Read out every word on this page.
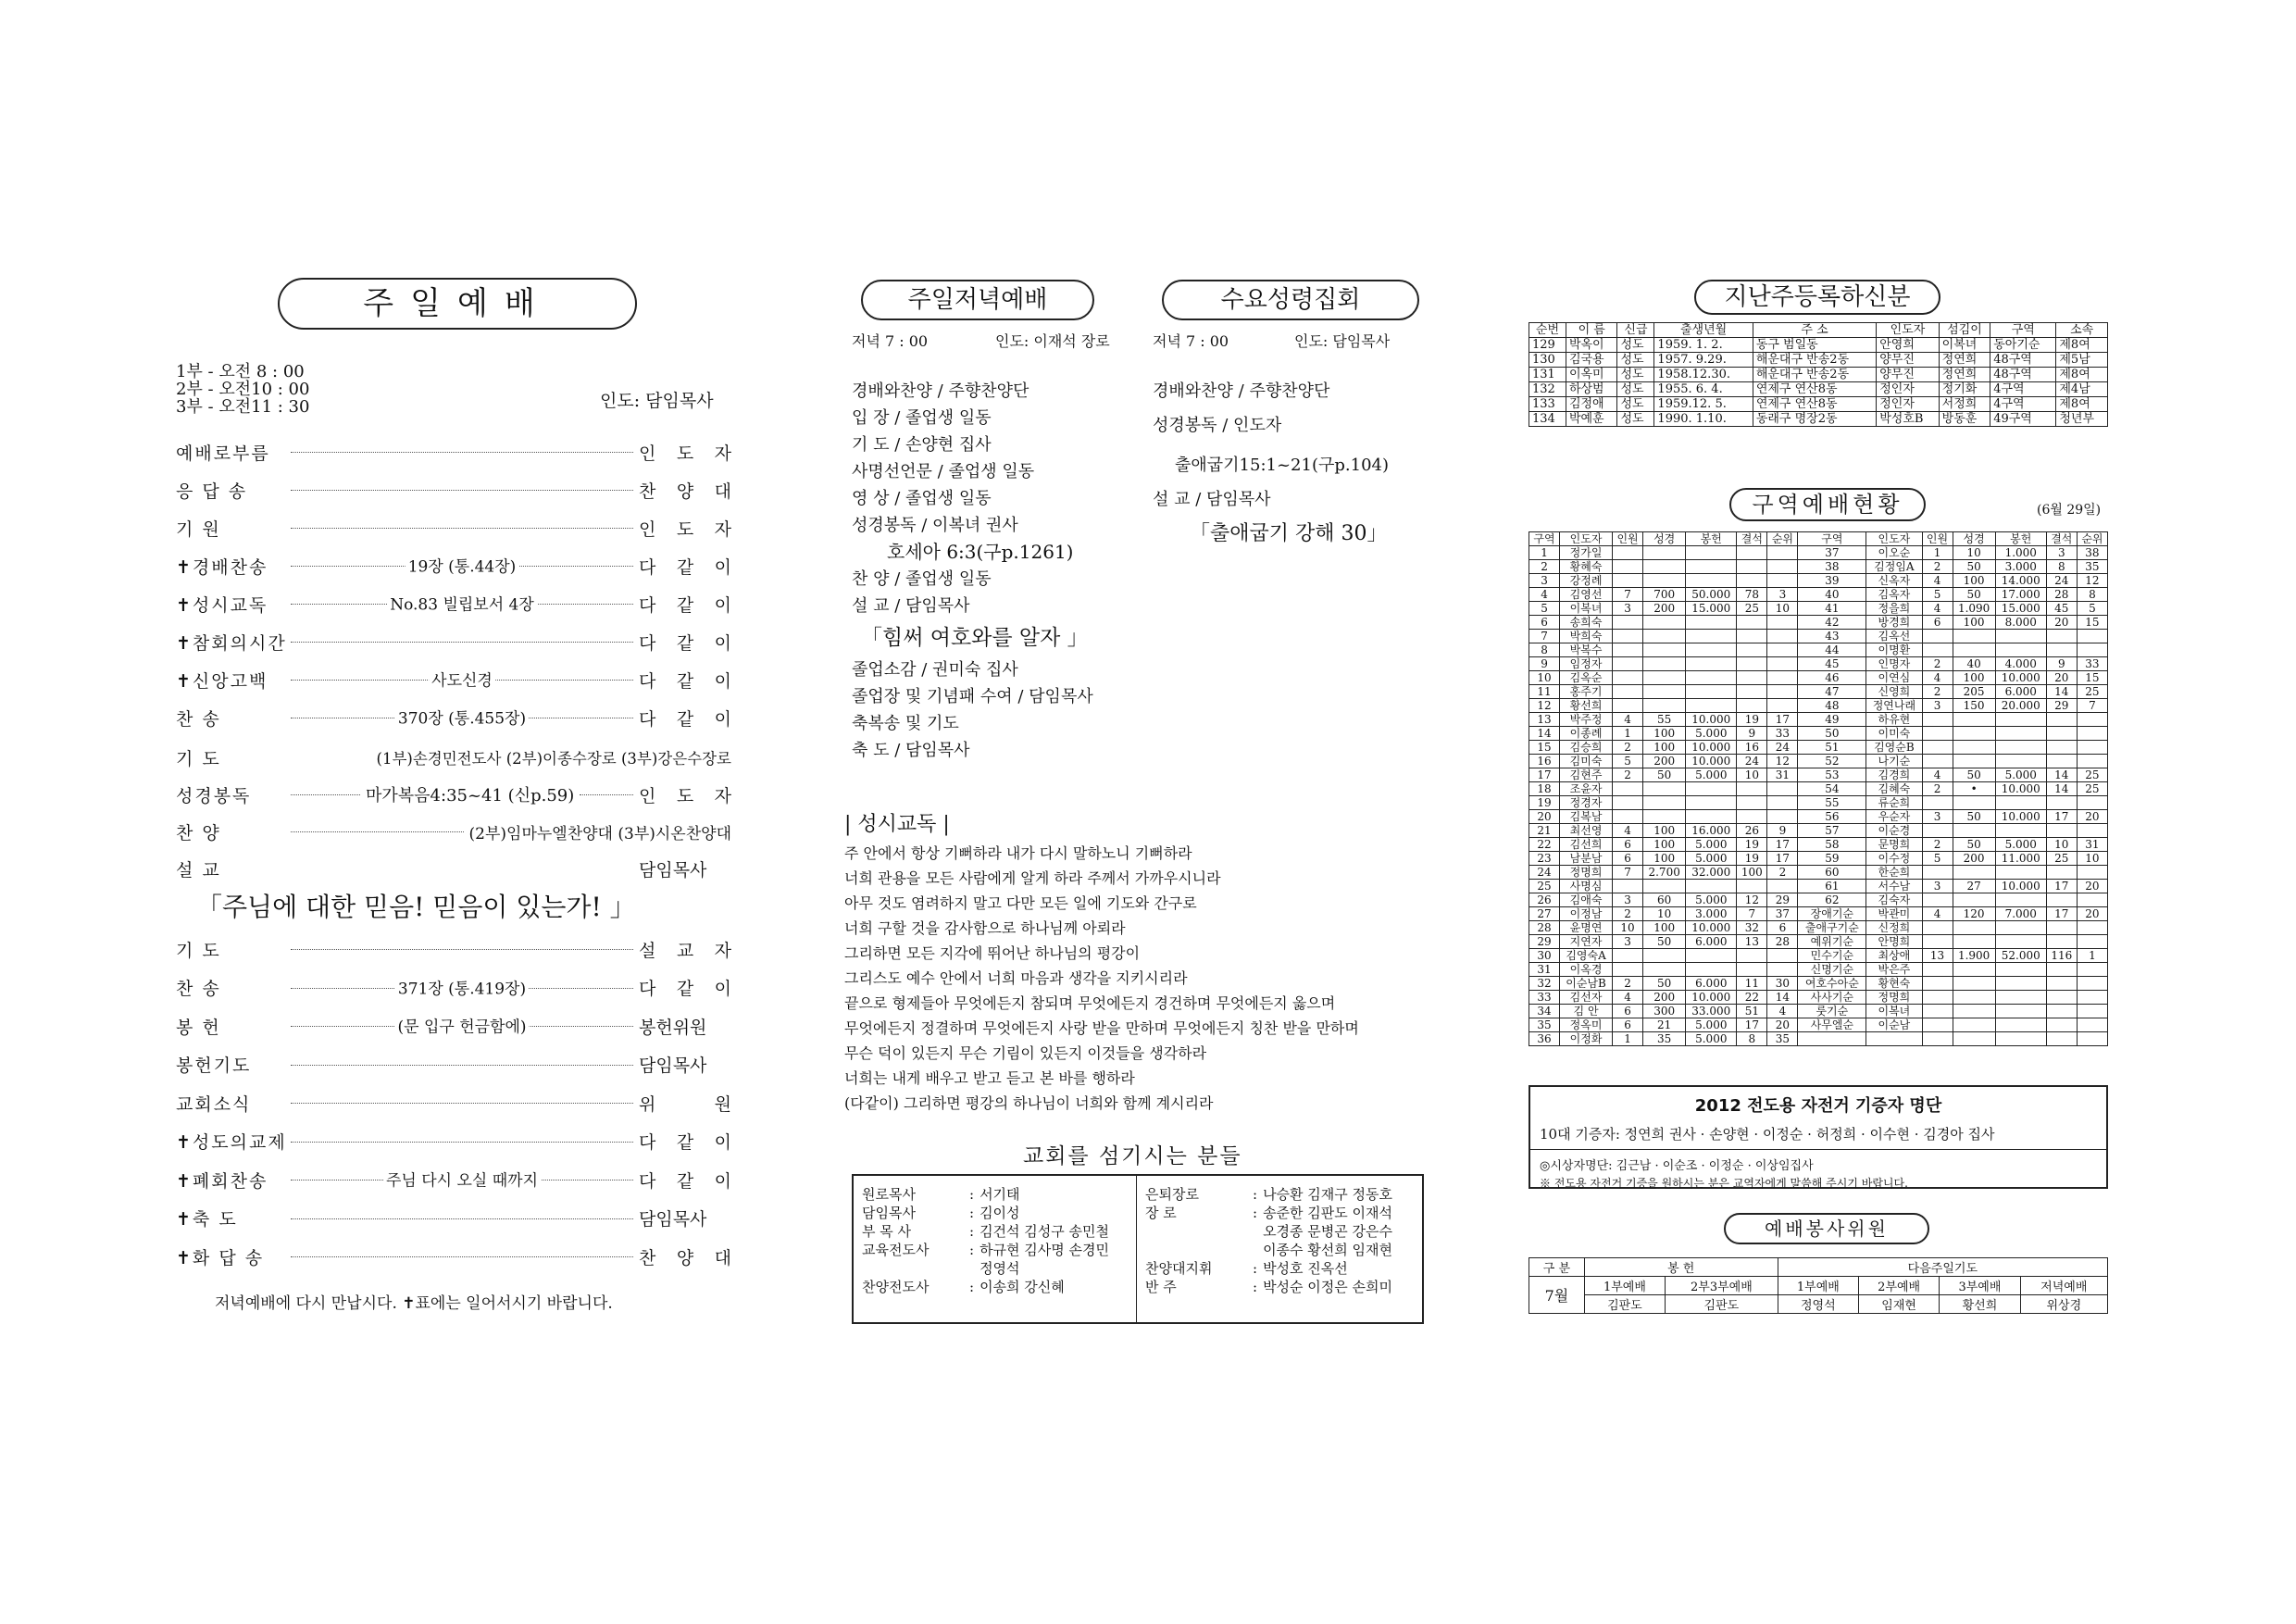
주일예배
1부 - 오전 8 : 00
2부 - 오전10 : 00
3부 - 오전11 : 30	인도: 담임목사
예배로부름	인 도 자
응 답 송	찬 양 대
기 원	인 도 자
✝경배찬송	19장 (통.44장)	다 같 이
✝성시교독	No.83 빌립보서 4장	다 같 이
✝참회의시간	다 같 이
✝신앙고백	사도신경	다 같 이
찬 송	370장 (통.455장)	다 같 이
기 도	(1부)손경민전도사 (2부)이종수장로 (3부)강은수장로
성경봉독	마가복음4:35~41 (신p.59)	인 도 자
찬 양	(2부)임마누엘찬양대 (3부)시온찬양대
설 교	담임목사
「주님에 대한 믿음! 믿음이 있는가! 」
기 도	설 교 자
찬 송	371장 (통.419장)	다 같 이
봉 헌	(문 입구 헌금함에)	봉헌위원
봉헌기도	담임목사
교회소식	위 원
✝성도의교제	다 같 이
✝폐회찬송	주님 다시 오실 때까지	다 같 이
✝축 도	담임목사
✝화 답 송	찬 양 대
저녁예배에 다시 만납시다. ✝표에는 일어서시기 바랍니다.
주일저녁예배	수요성령집회
저녁 7 : 00	인도: 이재석 장로	저녁 7 : 00	인도: 담임목사
경배와찬양 / 주향찬양단
입 장 / 졸업생 일동
기 도 / 손양현 집사
사명선언문 / 졸업생 일동
영 상 / 졸업생 일동
성경봉독 / 이복녀 권사
호세아 6:3(구p.1261)
찬 양 / 졸업생 일동
설 교 / 담임목사
「힘써 여호와를 알자 」
졸업소감 / 권미숙 집사
졸업장 및 기념패 수여 / 담임목사
축복송 및 기도
축 도 / 담임목사
경배와찬양 / 주향찬양단
성경봉독 / 인도자
출애굽기15:1~21(구p.104)
설 교 / 담임목사
「출애굽기 강해 30」
| 성시교독 |
주 안에서 항상 기뻐하라 내가 다시 말하노니 기뻐하라
너희 관용을 모든 사람에게 알게 하라 주께서 가까우시니라
아무 것도 염려하지 말고 다만 모든 일에 기도와 간구로
너희 구할 것을 감사함으로 하나님께 아뢰라
그리하면 모든 지각에 뛰어난 하나님의 평강이
그리스도 예수 안에서 너희 마음과 생각을 지키시리라
끝으로 형제들아 무엇에든지 참되며 무엇에든지 경건하며 무엇에든지 옳으며
무엇에든지 정결하며 무엇에든지 사랑 받을 만하며 무엇에든지 칭찬 받을 만하며
무슨 덕이 있든지 무슨 기림이 있든지 이것들을 생각하라
너희는 내게 배우고 받고 듣고 본 바를 행하라
(다같이) 그리하면 평강의 하나님이 너희와 함께 계시리라
교회를 섬기시는 분들
원로목사	:	서기태
담임목사	:	김이성
부 목 사	:	김건석 김성구 송민철
교육전도사	:	하규현 김사명 손경민
		정영석
찬양전도사	:	이송희 강신혜
은퇴장로	:	나승환 김재구 정동호
장 로	:	송준한 김판도 이재석
		오경종 문병곤 강은수
		이종수 황선희 임재현
찬양대지휘	:	박성호 진옥선
반 주	:	박성순 이정은 손희미
지난주등록하신분
순번	이 름	신급	출생년월	주 소	인도자	섬김이	구역	소속
129	박옥이	성도	1959. 1. 2.	동구 범일동	안영희	이복녀	동아기순	제8여
130	김국용	성도	1957. 9.29.	해운대구 반송2동	양무진	정연희	48구역	제5남
131	이옥미	성도	1958.12.30.	해운대구 반송2동	양무진	정연희	48구역	제8여
132	하상범	성도	1955. 6. 4.	연제구 연산8동	정인자	정기화	4구역	제4남
133	김정애	성도	1959.12. 5.	연제구 연산8동	정인자	서정희	4구역	제8여
134	박예훈	성도	1990. 1.10.	동래구 명장2동	박성호B	방동훈	49구역	청년부
구역예배현황	(6월 29일)
구역	인도자	인원	성경	봉헌	결석	순위	구역	인도자	인원	성경	봉헌	결석	순위
1	정가일						37	이오순	1	10	1.000	3	38
2	황혜숙						38	김정임A	2	50	3.000	8	35
3	강정례						39	신옥자	4	100	14.000	24	12
4	김영선	7	700	50.000	78	3	40	김옥자	5	50	17.000	28	8
5	이복녀	3	200	15.000	25	10	41	정을희	4	1.090	15.000	45	5
6	송희숙						42	방경희	6	100	8.000	20	15
7	박희숙						43	김옥선					
8	박복수						44	이명환					
9	임정자						45	인명자	2	40	4.000	9	33
10	김옥순						46	이연심	4	100	10.000	20	15
11	홍주기						47	신영희	2	205	6.000	14	25
12	황선희						48	정연나래	3	150	20.000	29	7
13	박주정	4	55	10.000	19	17	49	하유현					
14	이종례	1	100	5.000	9	33	50	이미숙					
15	김승희	2	100	10.000	16	24	51	김영순B					
16	김미숙	5	200	10.000	24	12	52	나기순					
17	김현주	2	50	5.000	10	31	53	김경희	4	50	5.000	14	25
18	조윤자						54	김혜숙	2	•	10.000	14	25
19	정경자						55	류순희					
20	김복남						56	우순자	3	50	10.000	17	20
21	최선영	4	100	16.000	26	9	57	이순경					
22	김선희	6	100	5.000	19	17	58	문명희	2	50	5.000	10	31
23	남분남	6	100	5.000	19	17	59	이수정	5	200	11.000	25	10
24	정명희	7	2.700	32.000	100	2	60	한순희					
25	사명심						61	서수남	3	27	10.000	17	20
26	김애숙	3	60	5.000	12	29	62	김숙자					
27	이정남	2	10	3.000	7	37	장애기순	박관미	4	120	7.000	17	20
28	윤명연	10	100	10.000	32	6	출애구기순	신정희					
29	지연자	3	50	6.000	13	28	예위기순	안명희					
30	김영숙A						민수기순	최상애	13	1.900	52.000	116	1
31	이옥경						신명기순	박은주					
32	이순남B	2	50	6.000	11	30	여호수아순	황현숙					
33	김선자	4	200	10.000	22	14	사사기순	정명희					
34	김 안	6	300	33.000	51	4	룻기순	이복녀					
35	정옥미	6	21	5.000	17	20	사무엘순	이순남					
36	이정화	1	35	5.000	8	35							
2012 전도용 자전거 기증자 명단
10대 기증자: 정연희 권사 · 손양현 · 이정순 · 허정희 · 이수현 · 김경아 집사
◎시상자명단: 김근남 · 이순조 · 이정순 · 이상임집사
※ 전도용 자전거 기증을 원하시는 분은 교역자에게 말씀해 주시기 바랍니다.
예배봉사위원
구 분	봉 헌		다음주일기도			
7월	1부예배	2부3부예배	1부예배	2부예배	3부예배	저녁예배
	김판도	김판도	정영석	임재현	황선희	위상경
